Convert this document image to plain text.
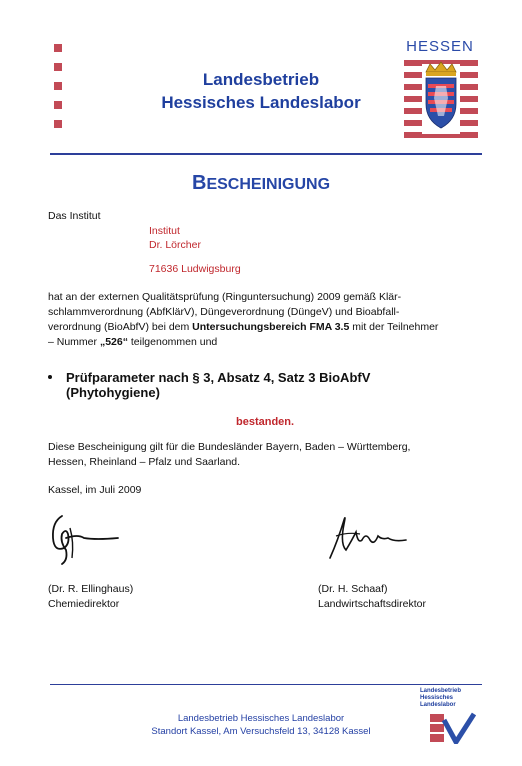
Landesbetrieb
Hessisches Landeslabor
HESSEN
BESCHEINIGUNG
Das Institut
Institut
Dr. Lörcher
71636 Ludwigsburg
hat an der externen Qualitätsprüfung (Ringuntersuchung) 2009 gemäß Klär-
schlammverordnung (AbfKlärV), Düngeverordnung (DüngeV) und Bioabfall-
verordnung (BioAbfV) bei dem Untersuchungsbereich FMA 3.5 mit der Teilnehmer
– Nummer „526“ teilgenommen und
Prüfparameter nach § 3, Absatz 4, Satz 3 BioAbfV
(Phytohygiene)
bestanden.
Diese Bescheinigung gilt für die Bundesländer Bayern, Baden – Württemberg,
Hessen, Rheinland – Pfalz und Saarland.
Kassel, im Juli 2009
(Dr. R. Ellinghaus)
Chemiedirektor
(Dr. H. Schaaf)
Landwirtschaftsdirektor
Landesbetrieb Hessisches Landeslabor
Standort Kassel, Am Versuchsfeld 13, 34128 Kassel
Landesbetrieb
Hessisches
Landeslabor
